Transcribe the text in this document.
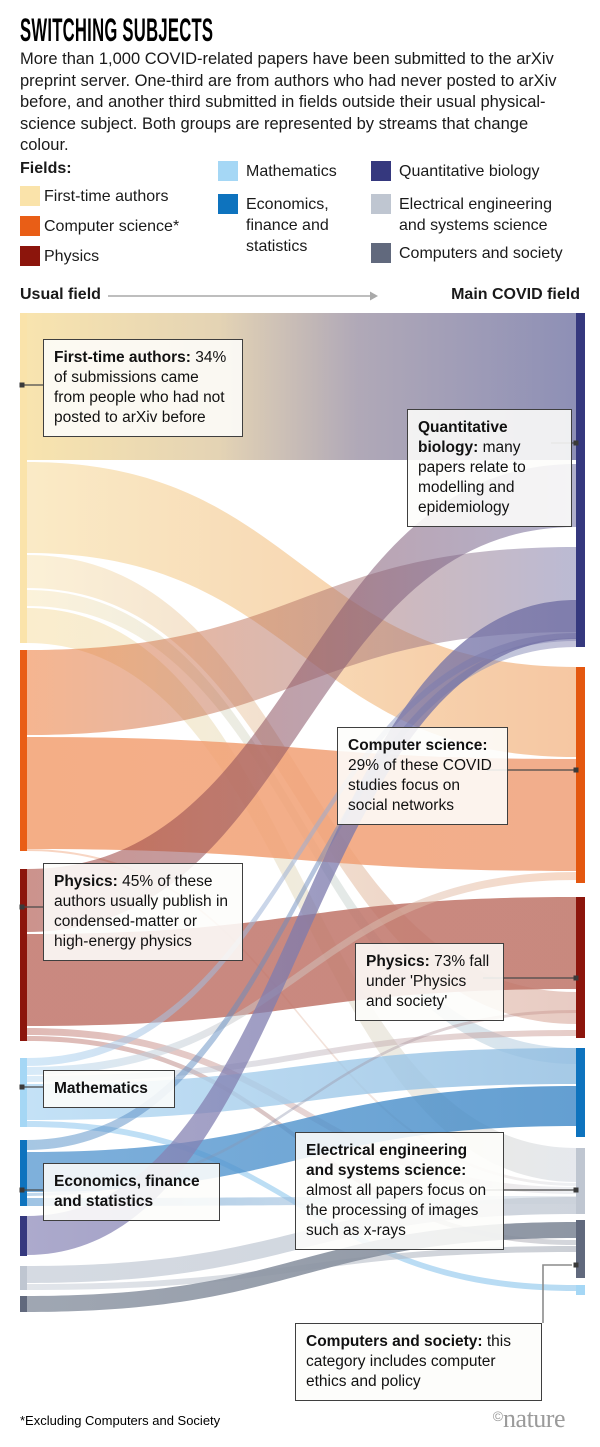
SWITCHING SUBJECTS
More than 1,000 COVID-related papers have been submitted to the arXiv preprint server. One-third are from authors who had never posted to arXiv before, and another third submitted in fields outside their usual physical-science subject. Both groups are represented by streams that change colour.
Fields:
First-time authors
Computer science*
Physics
Mathematics
Economics, finance and statistics
Quantitative biology
Electrical engineering and systems science
Computers and society
Usual field	Main COVID field
First-time authors: 34% of submissions came from people who had not posted to arXiv before
Quantitative biology: many papers relate to modelling and epidemiology
Computer science: 29% of these COVID studies focus on social networks
Physics: 45% of these authors usually publish in condensed-matter or high-energy physics
Physics: 73% fall under 'Physics and society'
Mathematics
Economics, finance and statistics
Electrical engineering and systems science: almost all papers focus on the processing of images such as x-rays
Computers and society: this category includes computer ethics and policy
*Excluding Computers and Society	©nature
